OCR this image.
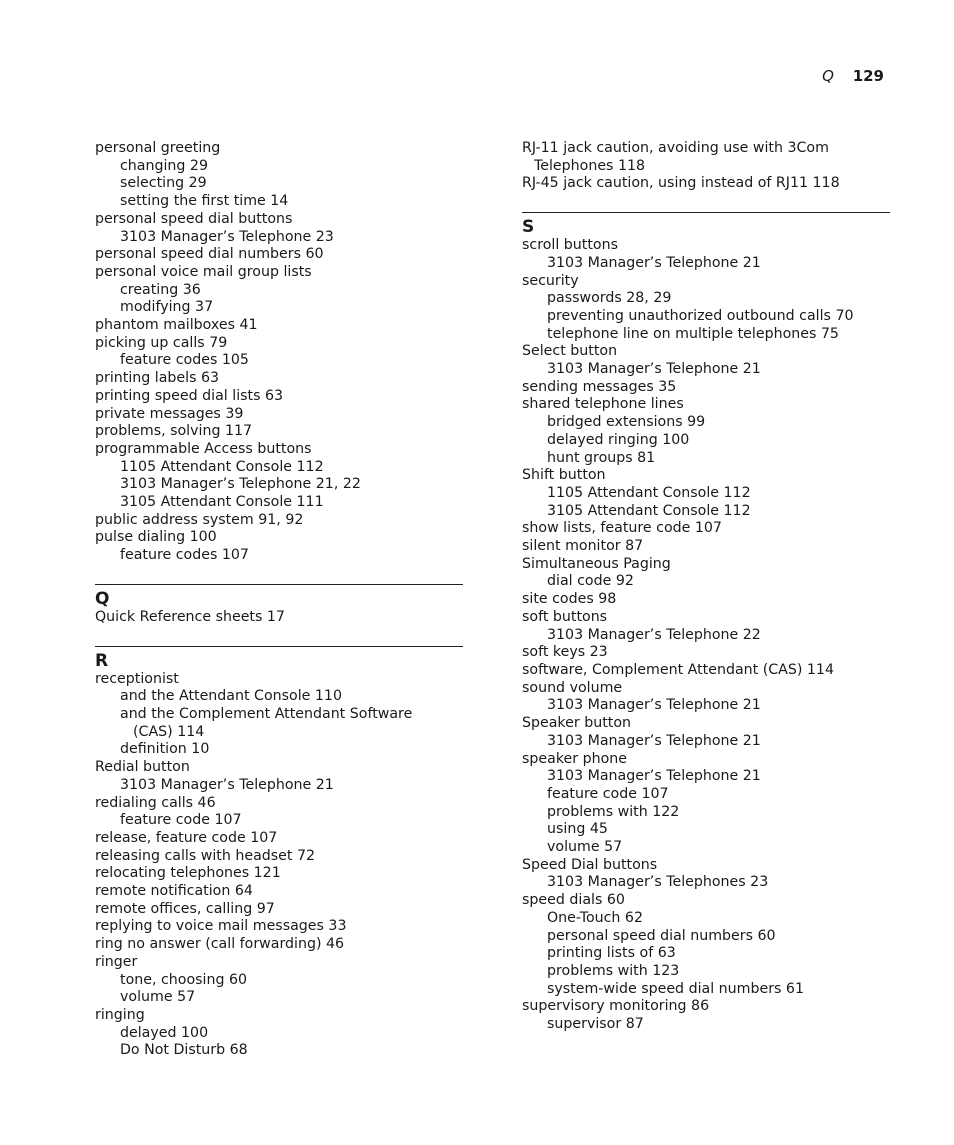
Q 129
personal greeting
changing 29
selecting 29
setting the first time 14
personal speed dial buttons
3103 Manager’s Telephone 23
personal speed dial numbers 60
personal voice mail group lists
creating 36
modifying 37
phantom mailboxes 41
picking up calls 79
feature codes 105
printing labels 63
printing speed dial lists 63
private messages 39
problems, solving 117
programmable Access buttons
1105 Attendant Console 112
3103 Manager’s Telephone 21, 22
3105 Attendant Console 111
public address system 91, 92
pulse dialing 100
feature codes 107
Q
Quick Reference sheets 17
R
receptionist
and the Attendant Console 110
and the Complement Attendant Software
(CAS) 114
definition 10
Redial button
3103 Manager’s Telephone 21
redialing calls 46
feature code 107
release, feature code 107
releasing calls with headset 72
relocating telephones 121
remote notification 64
remote offices, calling 97
replying to voice mail messages 33
ring no answer (call forwarding) 46
ringer
tone, choosing 60
volume 57
ringing
delayed 100
Do Not Disturb 68
RJ-11 jack caution, avoiding use with 3Com
Telephones 118
RJ-45 jack caution, using instead of RJ11 118
S
scroll buttons
3103 Manager’s Telephone 21
security
passwords 28, 29
preventing unauthorized outbound calls 70
telephone line on multiple telephones 75
Select button
3103 Manager’s Telephone 21
sending messages 35
shared telephone lines
bridged extensions 99
delayed ringing 100
hunt groups 81
Shift button
1105 Attendant Console 112
3105 Attendant Console 112
show lists, feature code 107
silent monitor 87
Simultaneous Paging
dial code 92
site codes 98
soft buttons
3103 Manager’s Telephone 22
soft keys 23
software, Complement Attendant (CAS) 114
sound volume
3103 Manager’s Telephone 21
Speaker button
3103 Manager’s Telephone 21
speaker phone
3103 Manager’s Telephone 21
feature code 107
problems with 122
using 45
volume 57
Speed Dial buttons
3103 Manager’s Telephones 23
speed dials 60
One-Touch 62
personal speed dial numbers 60
printing lists of 63
problems with 123
system-wide speed dial numbers 61
supervisory monitoring 86
supervisor 87
